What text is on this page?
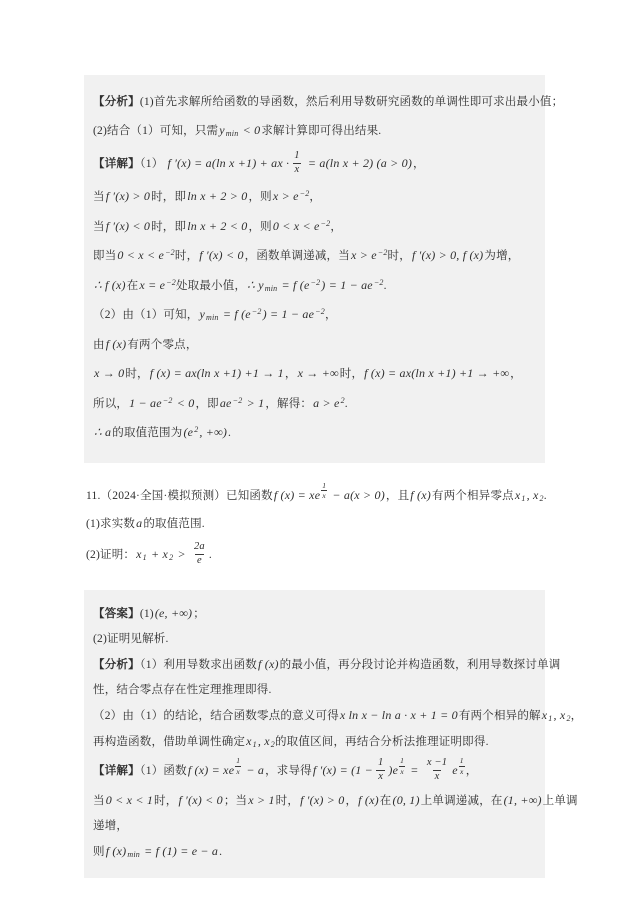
【分析】(1)首先求解所给函数的导函数，然后利用导数研究函数的单调性即可求出最小值；
(2)结合（1）可知，只需$y_{min} < 0$求解计算即可得出结果.
【详解】（1） f ′(x) = a(ln x +1) + ax · $\frac{1}{x} = a(\ln$ x + 2) (a > 0)，
当f ′(x) > 0时，即ln x + 2 > 0，则$x > e^{-2}$，
当f ′(x) < 0时，即ln x + 2 < 0，则$0 < x < e^{-2}$，
即当$0 < x < e^{-2}$时，f ′(x) < 0，函数单调递减，当$x > e^{-2}$时，f ′(x) > 0, f (x)为增，
∴ f (x)在$x = e^{-2}$处取最小值，∴ $y_{min} = f$ $(e^{-2}) = 1 - ae^{-2}$.
（2）由（1）可知，$y_{min} = f$ $(e^{-2}) = 1 - ae^{-2}$，
由f (x)有两个零点，
x → 0时，f (x) = ax(ln x +1) +1 → 1，x → +∞时，f (x) = ax(ln x +1) +1 → +∞，
所以，$1 - ae^{-2} < 0$，即$ae^{-2} > 1$，解得：$a > e^2$.
∴ a的取值范围为($e^2$, +∞).
11.（2024·全国·模拟预测）已知函数f (x) = xe $\frac{1}{x} - a(x > 0)$，且f (x)有两个相异零点$x_1$, $x_2$.
(1)求实数a的取值范围.
(2)证明：$x_1 + x_2 > \frac{2a}{e}$ .
【答案】(1)(e, +∞)；
(2)证明见解析.
【分析】（1）利用导数求出函数f (x)的最小值，再分段讨论并构造函数，利用导数探讨单调
性，结合零点存在性定理推理即得.
（2）由（1）的结论，结合函数零点的意义可得x ln x − ln a · x + 1 = 0有两个相异的解$x_1$, $x_2$，
再构造函数，借助单调性确定$x_1$, $x_2$的取值区间，再结合分析法推理证明即得.
【详解】（1）函数f (x) = xe $\frac{1}{x} - a$，求导得f $'(x) = (1 - \frac{1}{x} )e \frac{1}{x} = \frac{x -1}{x}$ e $\frac{1}{x}$ ，
当0 < x < 1时，f ′(x) < 0；当x > 1时，f ′(x) > 0，f (x)在(0, 1)上单调递减，在(1, +∞)上单调
递增，
则f $(x)_{min} = f$ (1) = e − a.
